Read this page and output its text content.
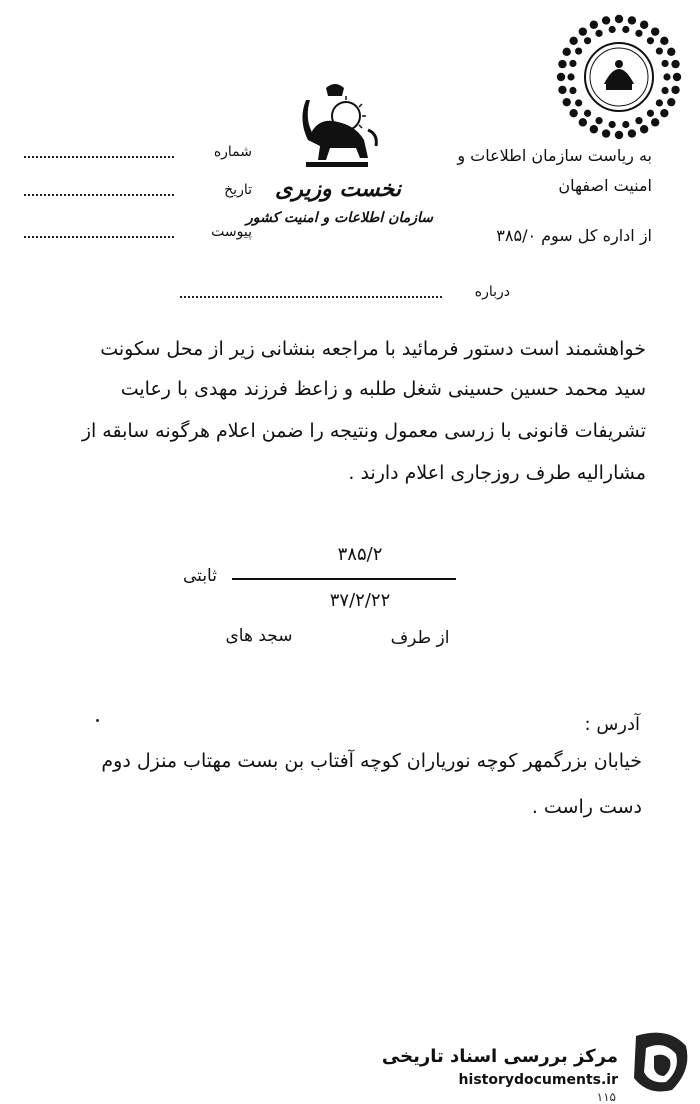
نخست وزیری
سازمان اطلاعات و امنیت کشور
شماره
تاریخ
پیوست
به ریاست سازمان اطلاعات و
امنیت اصفهان
از اداره کل سوم ۳۸۵/۰
درباره
خواهشمند است دستور فرمائید با مراجعه بنشانی زیر از محل سکونت
سید محمد حسین حسینی شغل طلبه و زاعظ فرزند مهدی با رعایت
تشریفات قانونی با زرسی معمول ونتیجه را ضمن اعلام هرگونه سابقه از
مشارالیه طرف روزجاری اعلام دارند .
۳۸۵/۲
۳۷/۲/۲۲
ثابتی
از طرف
سجد های
آدرس :
خیابان بزرگمهر کوچه نوریاران کوچه آفتاب بن بست مهتاب منزل دوم
دست راست .
مرکز بررسی اسناد تاریخی
historydocuments.ir
۱۱۵
